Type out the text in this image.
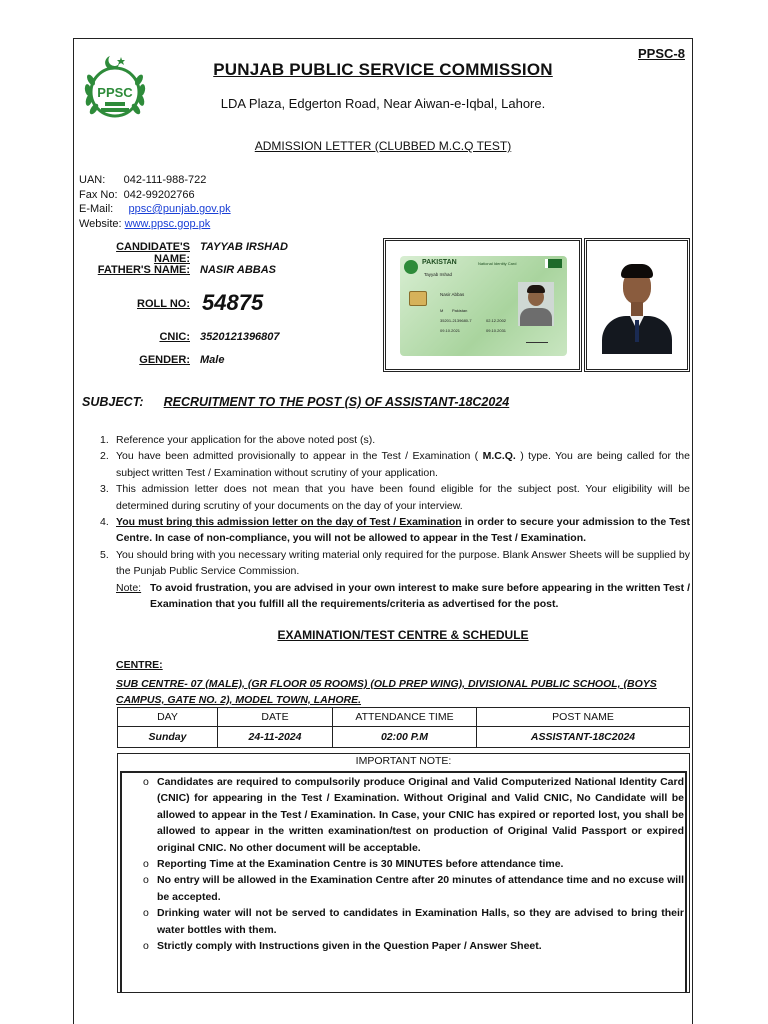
PPSC-8
PPSC
PUNJAB PUBLIC SERVICE COMMISSION
LDA Plaza, Edgerton Road, Near Aiwan-e-Iqbal, Lahore.
ADMISSION LETTER (CLUBBED M.C.Q TEST)
UAN: 042-111-988-722
Fax No: 042-99202766
E-Mail: ppsc@punjab.gov.pk
Website: www.ppsc.gop.pk
CANDIDATE'S NAME:
TAYYAB IRSHAD
FATHER'S NAME: NASIR ABBAS
ROLL NO: 54875
CNIC: 3520121396807
GENDER: Male
PAKISTAN	National Identity Card
Tayyab Irshad
Nasir Abbas
M Pakistan
35201-2139680-7	02.12.2002
09.10.2021	09.10.2031
SUBJECT: RECRUITMENT TO THE POST (S) OF ASSISTANT-18C2024
1. Reference your application for the above noted post (s).
2. You have been admitted provisionally to appear in the Test / Examination ( M.C.Q. ) type. You are being called for the subject written Test / Examination without scrutiny of your application.
3. This admission letter does not mean that you have been found eligible for the subject post. Your eligibility will be determined during scrutiny of your documents on the day of your interview.
4. You must bring this admission letter on the day of Test / Examination in order to secure your admission to the Test Centre. In case of non-compliance, you will not be allowed to appear in the Test / Examination.
5. You should bring with you necessary writing material only required for the purpose. Blank Answer Sheets will be supplied by the Punjab Public Service Commission.
Note: To avoid frustration, you are advised in your own interest to make sure before appearing in the written Test / Examination that you fulfill all the requirements/criteria as advertised for the post.
EXAMINATION/TEST CENTRE & SCHEDULE
CENTRE:
SUB CENTRE- 07 (MALE), (GR FLOOR 05 ROOMS) (OLD PREP WING), DIVISIONAL PUBLIC SCHOOL, (BOYS CAMPUS, GATE NO. 2), MODEL TOWN, LAHORE.
DAY	DATE	ATTENDANCE TIME	POST NAME
Sunday	24-11-2024	02:00 P.M	ASSISTANT-18C2024
IMPORTANT NOTE:
o Candidates are required to compulsorily produce Original and Valid Computerized National Identity Card (CNIC) for appearing in the Test / Examination. Without Original and Valid CNIC, No Candidate will be allowed to appear in the Test / Examination. In Case, your CNIC has expired or reported lost, you shall be allowed to appear in the written examination/test on production of Original Valid Passport or expired original CNIC. No other document will be acceptable.
o Reporting Time at the Examination Centre is 30 MINUTES before attendance time.
o No entry will be allowed in the Examination Centre after 20 minutes of attendance time and no excuse will be accepted.
o Drinking water will not be served to candidates in Examination Halls, so they are advised to bring their water bottles with them.
o Strictly comply with Instructions given in the Question Paper / Answer Sheet.
